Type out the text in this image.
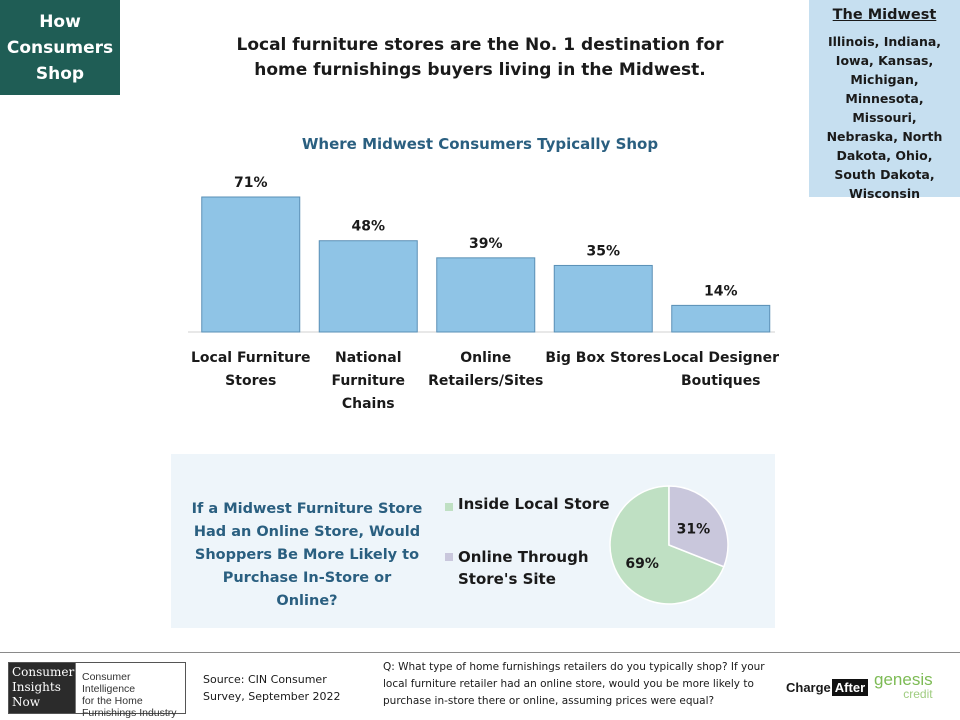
How
Consumers
Shop
Local furniture stores are the No. 1 destination for
home furnishings buyers living in the Midwest.
The Midwest
Illinois, Indiana, Iowa, Kansas, Michigan, Minnesota, Missouri, Nebraska, North Dakota, Ohio, South Dakota, Wisconsin
Where Midwest Consumers Typically Shop
71%
Local Furniture
Stores
48%
National
Furniture
Chains
39%
Online
Retailers/Sites
35%
Big Box Stores
14%
Local Designer
Boutiques
If a Midwest Furniture Store
Had an Online Store, Would
Shoppers Be More Likely to
Purchase In-Store or Online?
Inside Local Store
Online Through
Store's Site
69%
31%
Consumer
Insights
Now
Consumer Intelligence
for the Home
Furnishings Industry
Source: CIN Consumer
Survey, September 2022
Q: What type of home furnishings retailers do you typically shop? If your local furniture retailer had an online store, would you be more likely to purchase in-store there or online, assuming prices were equal?
Charge After genesis
credit
